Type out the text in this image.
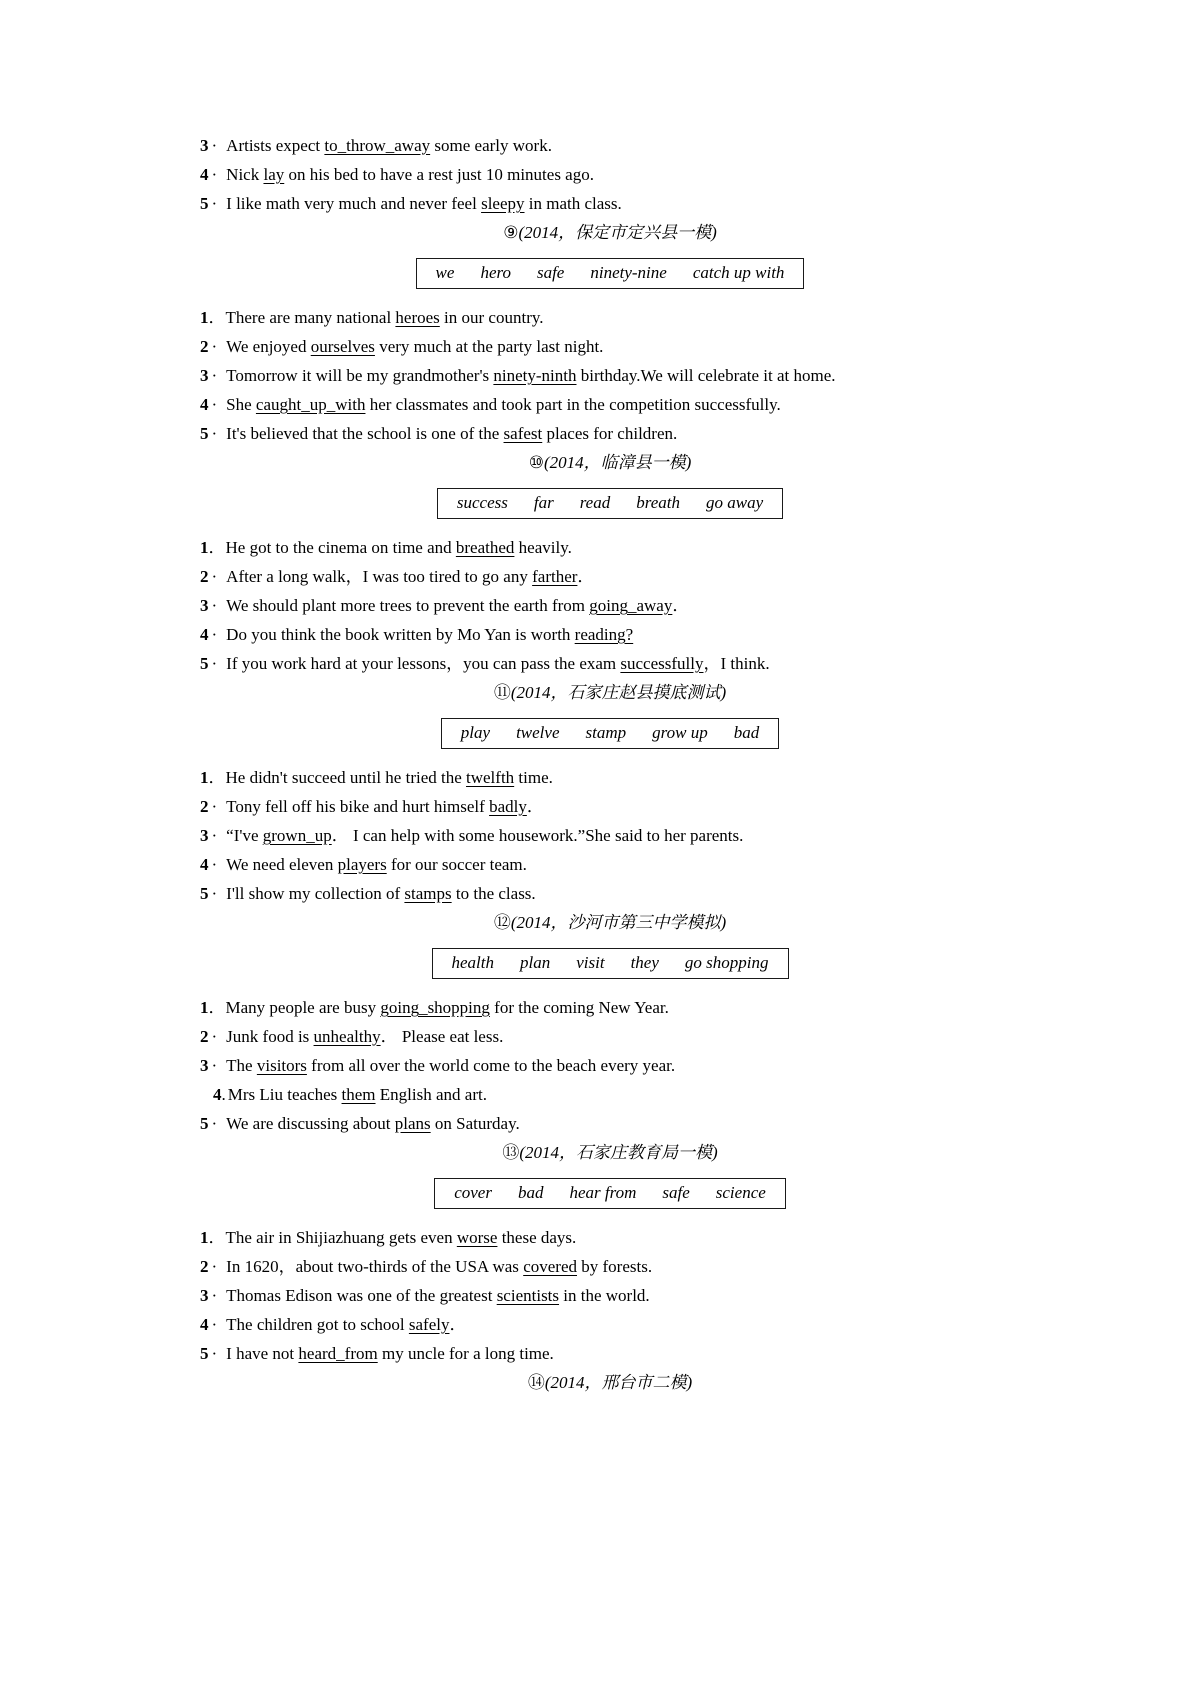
3 · Artists expect to_throw_away some early work.
4 · Nick lay on his bed to have a rest just 10 minutes ago.
5 · I like math very much and never feel sleepy in math class.
⑨(2014，保定市定兴县一模)
we hero safe ninety-nine catch up with
1．There are many national heroes in our country.
2 · We enjoyed ourselves very much at the party last night.
3 · Tomorrow it will be my grandmother's ninety-ninth birthday.We will celebrate it at home.
4 · She caught_up_with her classmates and took part in the competition successfully.
5 · It's believed that the school is one of the safest places for children.
⑩(2014，临漳县一模)
success far read breath go away
1．He got to the cinema on time and breathed heavily.
2 · After a long walk，I was too tired to go any farther．
3 · We should plant more trees to prevent the earth from going_away．
4 · Do you think the book written by Mo Yan is worth reading?
5 · If you work hard at your lessons，you can pass the exam successfully，I think.
⑪(2014，石家庄赵县摸底测试)
play twelve stamp grow up bad
1．He didn't succeed until he tried the twelfth time.
2 · Tony fell off his bike and hurt himself badly．
3 · “I've grown_up． I can help with some housework.”She said to her parents.
4 · We need eleven players for our soccer team.
5 · I'll show my collection of stamps to the class.
⑫(2014，沙河市第三中学模拟)
health plan visit they go shopping
1．Many people are busy going_shopping for the coming New Year.
2 · Junk food is unhealthy． Please eat less.
3 · The visitors from all over the world come to the beach every year.
4. Mrs Liu teaches them English and art.
5 · We are discussing about plans on Saturday.
⑬(2014，石家庄教育局一模)
cover bad hear from safe science
1．The air in Shijiazhuang gets even worse these days.
2 · In 1620，about two-thirds of the USA was covered by forests.
3 · Thomas Edison was one of the greatest scientists in the world.
4 · The children got to school safely．
5 · I have not heard_from my uncle for a long time.
⑭(2014，邢台市二模)
